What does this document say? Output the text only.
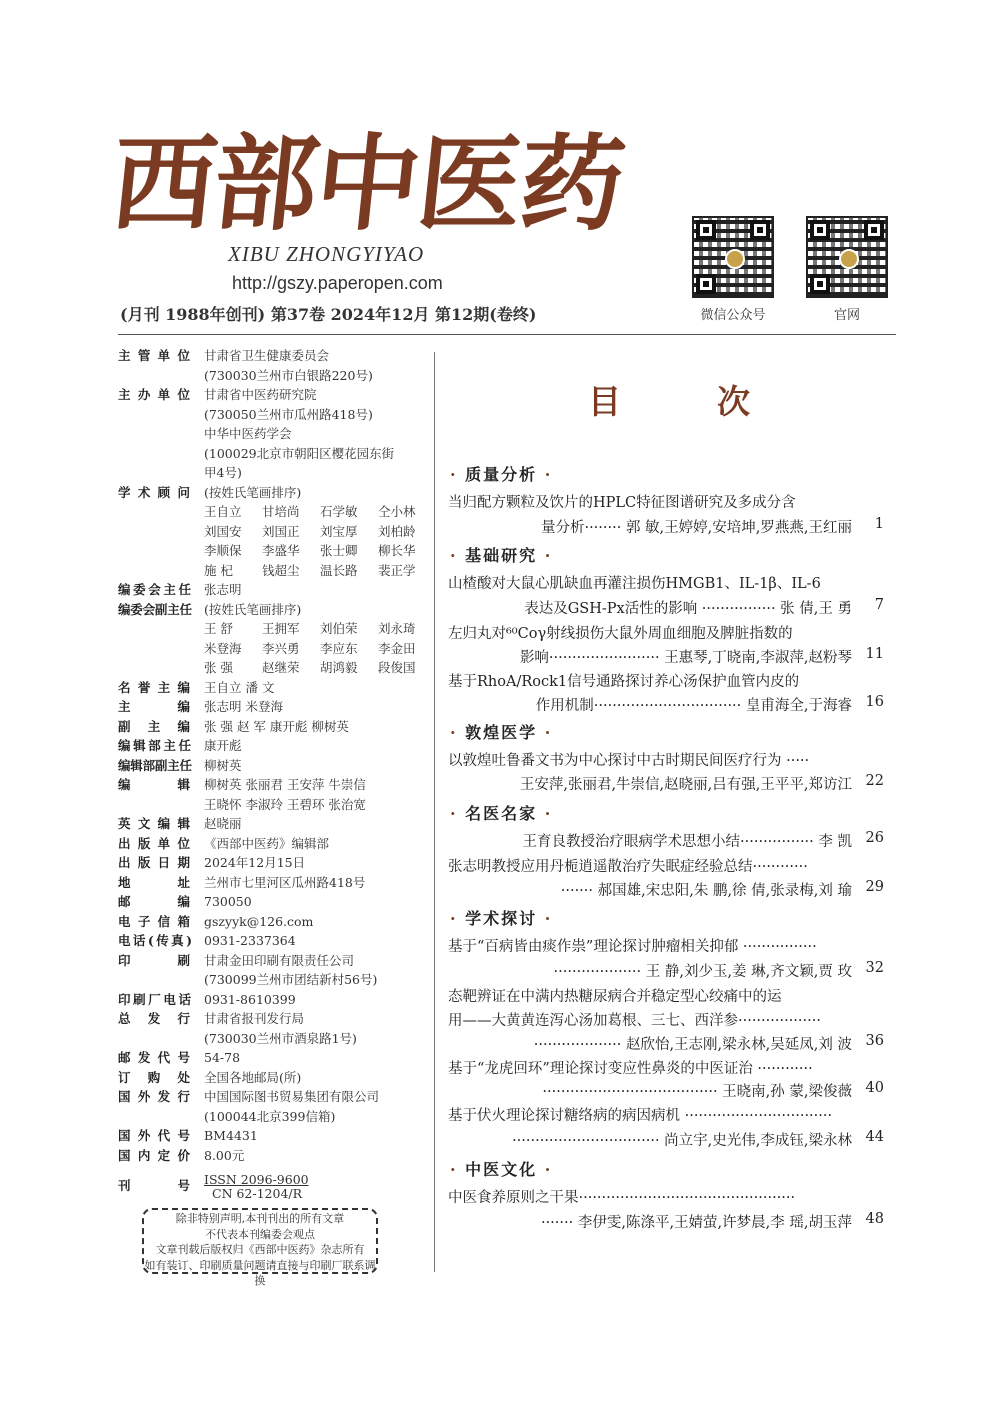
西部中医药
XIBU ZHONGYIYAO
http://gszy.paperopen.com
(月刊 1988年创刊) 第37卷 2024年12月 第12期(卷终)	微信公众号	官网
主管单位 甘肃省卫生健康委员会
(730030兰州市白银路220号)
主办单位 甘肃省中医药研究院
(730050兰州市瓜州路418号)
中华中医药学会
(100029北京市朝阳区樱花园东街
甲4号)
学术顾问 (按姓氏笔画排序)
王自立 甘培尚 石学敏 仝小林
刘国安 刘国正 刘宝厚 刘柏龄
李顺保 李盛华 张士卿 柳长华
施 杞 钱超尘 温长路 裴正学
编委会主任 张志明
编委会副主任 (按姓氏笔画排序)
王 舒 王拥军 刘伯荣 刘永琦
米登海 李兴勇 李应东 李金田
张 强 赵继荣 胡鸿毅 段俊国
名誉主编 王自立 潘 文
主编 张志明 米登海
副主编 张 强 赵 军 康开彪 柳树英
编辑部主任 康开彪
编辑部副主任 柳树英
编辑 柳树英 张丽君 王安萍 牛崇信
王晓怀 李淑玲 王碧环 张治宽
英文编辑 赵晓丽
出版单位 《西部中医药》编辑部
出版日期 2024年12月15日
地址 兰州市七里河区瓜州路418号
邮编 730050
电子信箱 gszyyk@126.com
电话(传真) 0931-2337364
印刷 甘肃金田印刷有限责任公司
(730099兰州市团结新村56号)
印刷厂电话 0931-8610399
总发行 甘肃省报刊发行局
(730030兰州市酒泉路1号)
邮发代号 54-78
订购处 全国各地邮局(所)
国外发行 中国国际图书贸易集团有限公司
(100044北京399信箱)
国外代号 BM4431
国内定价 8.00元
刊号 ISSN 2096-9600
CN 62-1204/R
除非特别声明,本刊刊出的所有文章
不代表本刊编委会观点
文章刊载后版权归《西部中医药》杂志所有
如有装订、印刷质量问题请直接与印刷厂联系调换
目次
· 质量分析 ·
当归配方颗粒及饮片的HPLC特征图谱研究及多成分含
量分析········ 郭 敏,王婷婷,安培坤,罗燕燕,王红丽	1
· 基础研究 ·
山楂酸对大鼠心肌缺血再灌注损伤HMGB1、IL-1β、IL-6
表达及GSH-Px活性的影响 ················ 张 倩,王 勇	7
左归丸对⁶⁰Coγ射线损伤大鼠外周血细胞及脾脏指数的
影响························ 王惠琴,丁晓南,李淑萍,赵粉琴 11
基于RhoA/Rock1信号通路探讨养心汤保护血管内皮的
作用机制································ 皇甫海全,于海睿 16
· 敦煌医学 ·
以敦煌吐鲁番文书为中心探讨中古时期民间医疗行为 ·····
王安萍,张丽君,牛崇信,赵晓丽,吕有强,王平平,郑访江 22
· 名医名家 ·
王育良教授治疗眼病学术思想小结················ 李 凯 26
张志明教授应用丹栀逍遥散治疗失眠症经验总结············
······· 郝国雄,宋忠阳,朱 鹏,徐 倩,张录梅,刘 瑜 29
· 学术探讨 ·
基于“百病皆由痰作祟”理论探讨肿瘤相关抑郁 ················
··················· 王 静,刘少玉,姜 琳,齐文颖,贾 玫 32
态靶辨证在中满内热糖尿病合并稳定型心绞痛中的运
用——大黄黄连泻心汤加葛根、三七、西洋参··················
··················· 赵欣怡,王志刚,梁永林,吴延凤,刘 波 36
基于“龙虎回环”理论探讨变应性鼻炎的中医证治 ············
······································ 王晓南,孙 蒙,梁俊薇 40
基于伏火理论探讨糖络病的病因病机 ································
································ 尚立宇,史光伟,李成钰,梁永林 44
· 中医文化 ·
中医食养原则之干果···············································
······· 李伊雯,陈涤平,王婧萤,许梦晨,李 瑶,胡玉萍 48
